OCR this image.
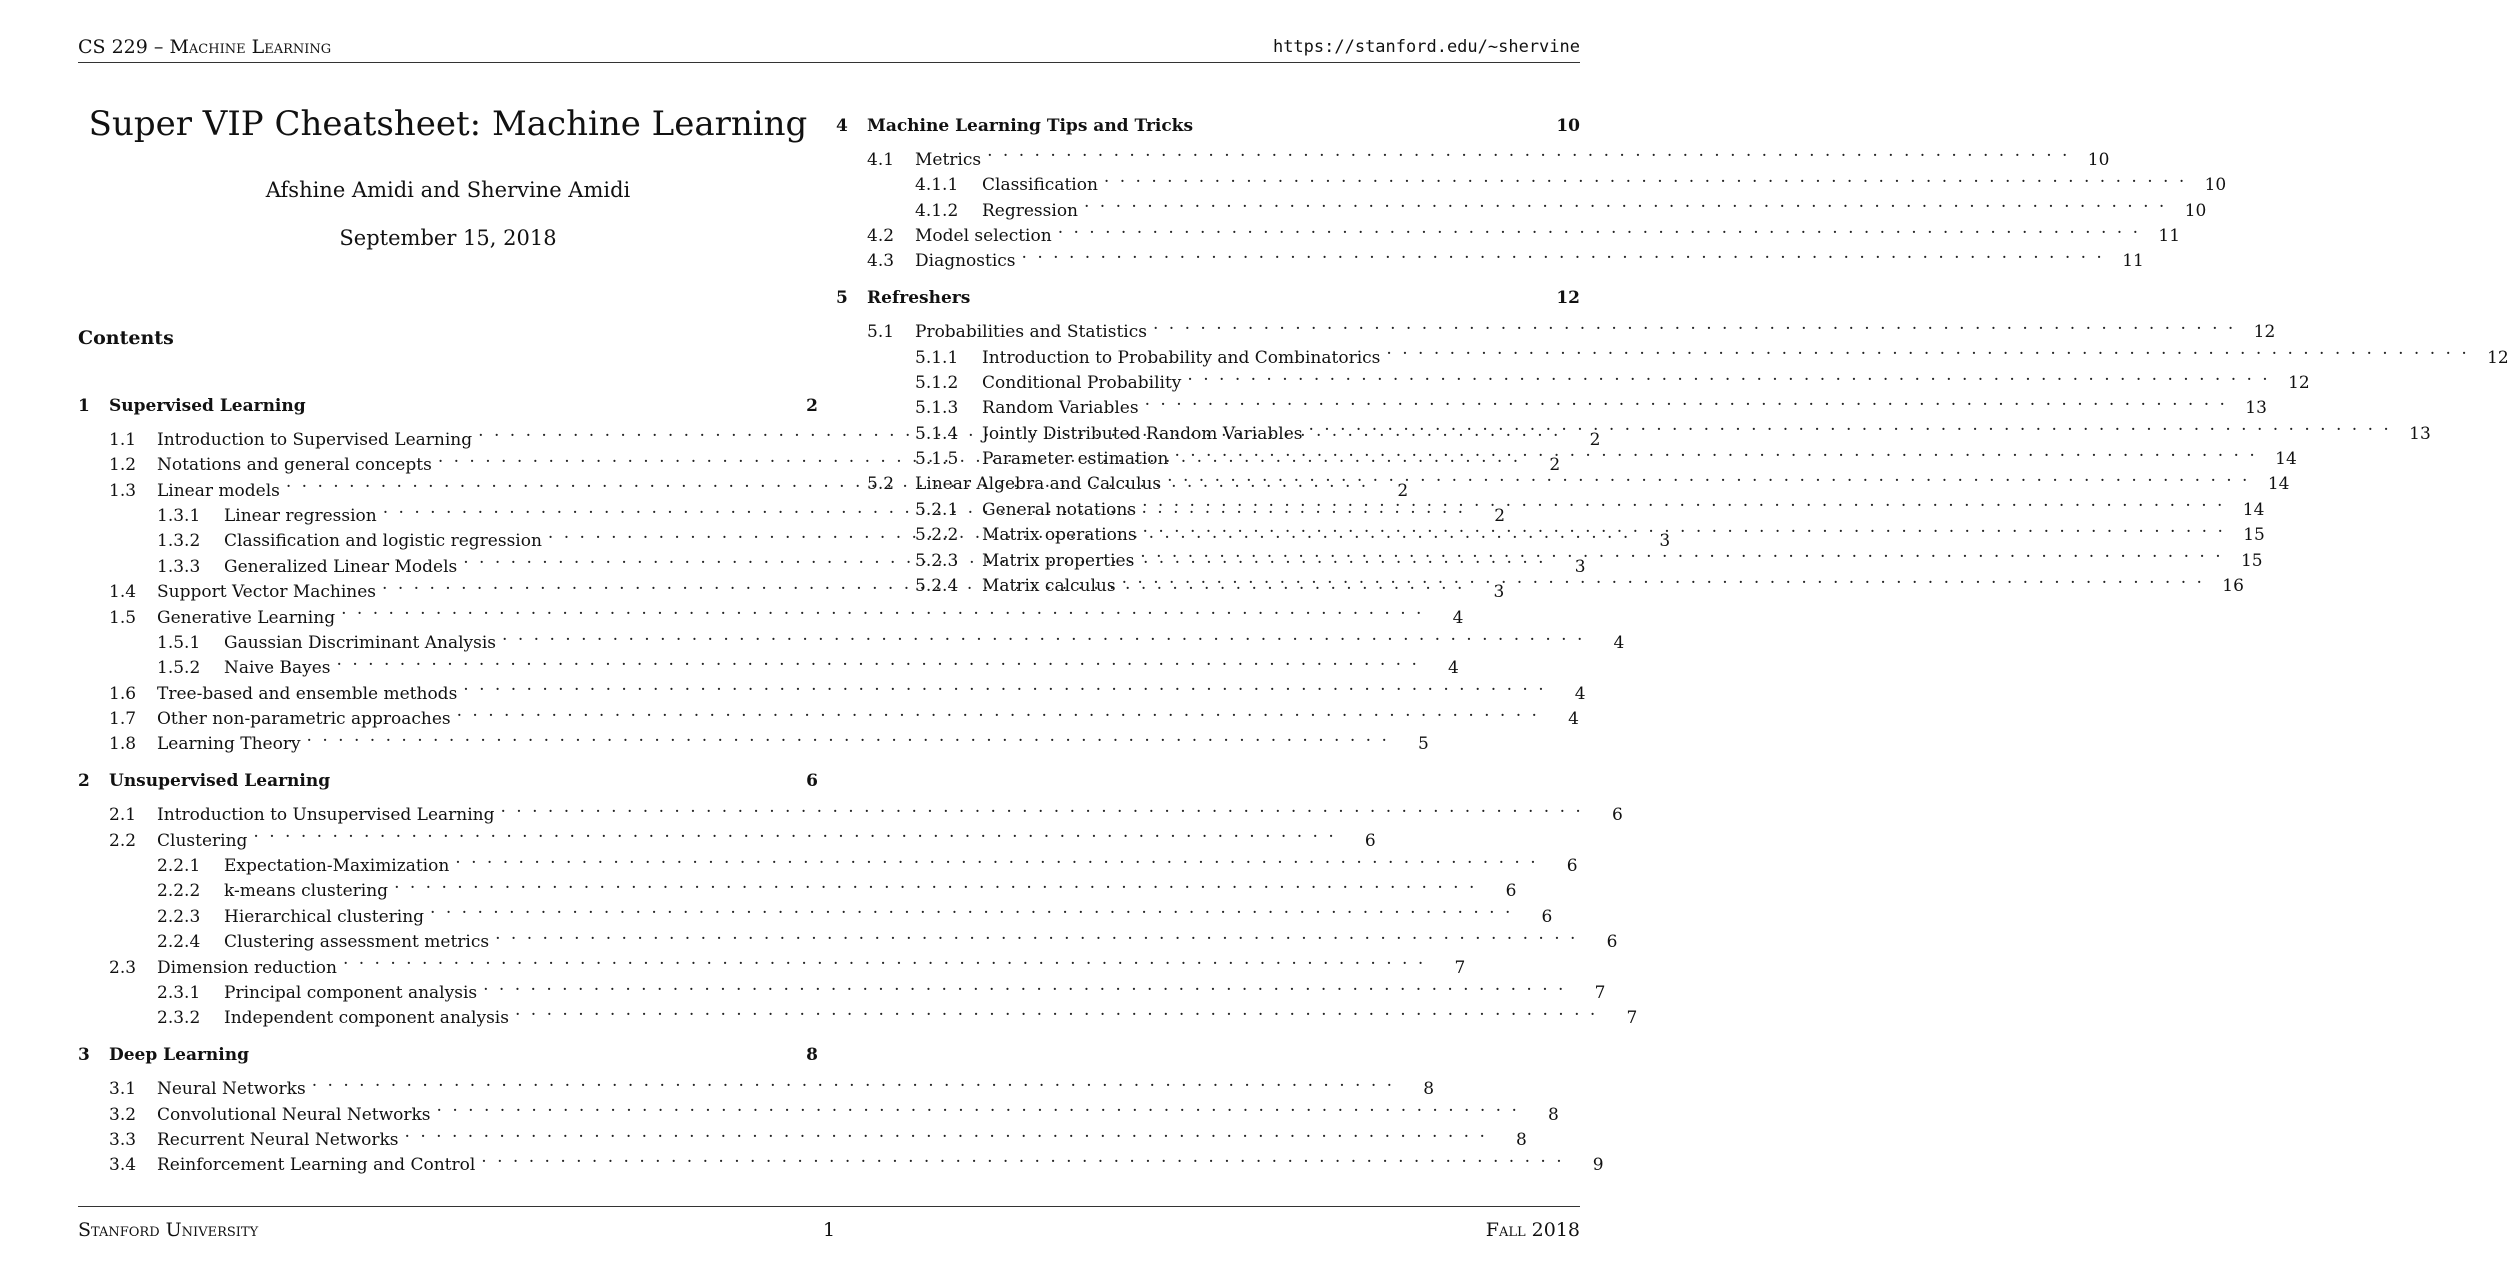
CS 229 – Machine Learning	https://stanford.edu/~shervine
Super VIP Cheatsheet: Machine Learning
Afshine Amidi and Shervine Amidi
September 15, 2018
Contents
1	Supervised Learning	2
1.1	Introduction to Supervised Learning . . .	2
1.2	Notations and general concepts . . .	2
1.3	Linear models . . .	2
1.3.1	Linear regression . . .	2
1.3.2	Classification and logistic regression . . .	3
1.3.3	Generalized Linear Models . . .	3
1.4	Support Vector Machines . . .	3
1.5	Generative Learning . . .	4
1.5.1	Gaussian Discriminant Analysis . . .	4
1.5.2	Naive Bayes . . .	4
1.6	Tree-based and ensemble methods . . .	4
1.7	Other non-parametric approaches . . .	4
1.8	Learning Theory . . .	5
2	Unsupervised Learning	6
2.1	Introduction to Unsupervised Learning . . .	6
2.2	Clustering . . .	6
2.2.1	Expectation-Maximization . . .	6
2.2.2	k-means clustering . . .	6
2.2.3	Hierarchical clustering . . .	6
2.2.4	Clustering assessment metrics . . .	6
2.3	Dimension reduction . . .	7
2.3.1	Principal component analysis . . .	7
2.3.2	Independent component analysis . . .	7
3	Deep Learning	8
3.1	Neural Networks . . .	8
3.2	Convolutional Neural Networks . . .	8
3.3	Recurrent Neural Networks . . .	8
3.4	Reinforcement Learning and Control . . .	9
4	Machine Learning Tips and Tricks	10
4.1	Metrics . . .	10
4.1.1	Classification . . .	10
4.1.2	Regression . . .	10
4.2	Model selection . . .	11
4.3	Diagnostics . . .	11
5	Refreshers	12
5.1	Probabilities and Statistics . . .	12
5.1.1	Introduction to Probability and Combinatorics . . .	12
5.1.2	Conditional Probability . . .	12
5.1.3	Random Variables . . .	13
5.1.4	Jointly Distributed Random Variables . . .	13
5.1.5	Parameter estimation . . .	14
5.2	Linear Algebra and Calculus . . .	14
5.2.1	General notations . . .	14
5.2.2	Matrix operations . . .	15
5.2.3	Matrix properties . . .	15
5.2.4	Matrix calculus . . .	16
Stanford University	1	Fall 2018
